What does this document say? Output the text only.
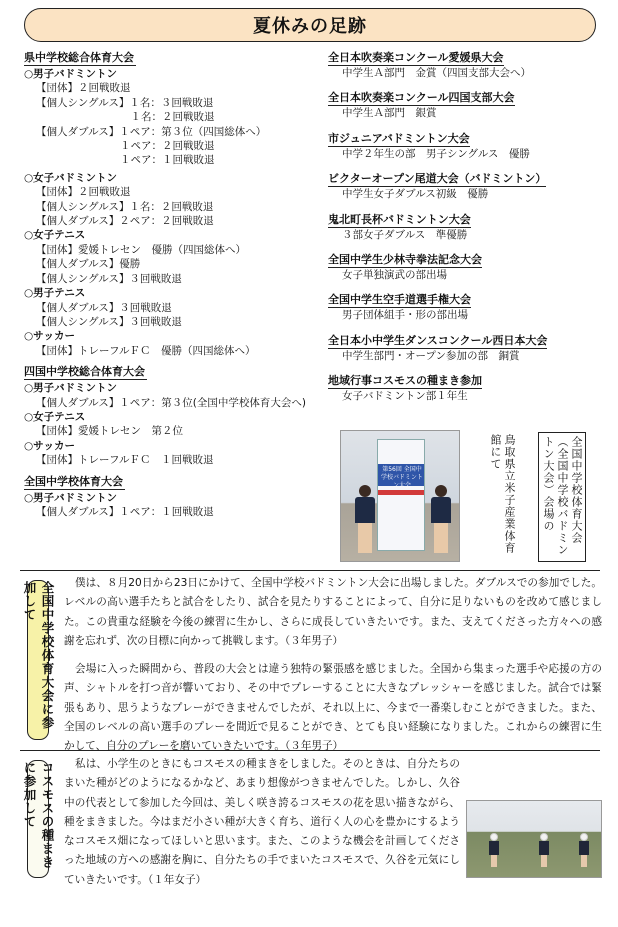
夏休みの足跡
県中学校総合体育大会
○男子バドミントン
【団体】２回戦敗退
【個人シングルス】１名：３回戦敗退
　　　　　　　　　１名：２回戦敗退
【個人ダブルス】１ペア：第３位（四国総体へ）
　　　　　　　　１ペア：２回戦敗退
　　　　　　　　１ペア：１回戦敗退
○女子バドミントン
【団体】２回戦敗退
【個人シングルス】１名：２回戦敗退
【個人ダブルス】２ペア：２回戦敗退
○女子テニス
【団体】愛媛トレセン　優勝（四国総体へ）
【個人ダブルス】優勝
【個人シングルス】３回戦敗退
○男子テニス
【個人ダブルス】３回戦敗退
【個人シングルス】３回戦敗退
○サッカー
【団体】トレーフルＦＣ　優勝（四国総体へ）
四国中学校総合体育大会
○男子バドミントン
【個人ダブルス】１ペア：第３位(全国中学校体育大会へ)
○女子テニス
【団体】愛媛トレセン　第２位
○サッカー
【団体】トレーフルＦＣ　１回戦敗退
全国中学校体育大会
○男子バドミントン
【個人ダブルス】１ペア：１回戦敗退
全日本吹奏楽コンクール愛媛県大会
中学生Ａ部門　金賞（四国支部大会へ）
全日本吹奏楽コンクール四国支部大会
中学生Ａ部門　銀賞
市ジュニアバドミントン大会
中学２年生の部　男子シングルス　優勝
ビクターオープン尾道大会（バドミントン）
中学生女子ダブルス初級　優勝
鬼北町長杯バドミントン大会
３部女子ダブルス　準優勝
全国中学生少林寺拳法記念大会
女子単独演武の部出場
全国中学生空手道選手権大会
男子団体組手・形の部出場
全日本小中学生ダンスコンクール西日本大会
中学生部門・オープン参加の部　銅賞
地域行事コスモスの種まき参加
女子バドミントン部１年生
第56回 全国中学校バドミントン大会	全国中学校体育大会（全国中学校バドミントン大会）会場の
鳥取県立米子産業体育館にて
全国中学校体育大会に参加して
コスモスの種まきに参加して
僕は、８月20日から23日にかけて、全国中学校バドミントン大会に出場しました。ダブルスでの参加でした。レベルの高い選手たちと試合をしたり、試合を見たりすることによって、自分に足りないものを改めて感じました。この貴重な経験を今後の練習に生かし、さらに成長していきたいです。また、支えてくださった方々への感謝を忘れず、次の目標に向かって挑戦します。（３年男子）
会場に入った瞬間から、普段の大会とは違う独特の緊張感を感じました。全国から集まった選手や応援の方の声、シャトルを打つ音が響いており、その中でプレーすることに大きなプレッシャーを感じました。試合では緊張もあり、思うようなプレーができませんでしたが、それ以上に、今まで一番楽しむことができました。また、全国のレベルの高い選手のプレーを間近で見ることができ、とても良い経験になりました。これからの練習に生かして、自分のプレーを磨いていきたいです。（３年男子）
私は、小学生のときにもコスモスの種まきをしました。そのときは、自分たちのまいた種がどのようになるかなど、あまり想像がつきませんでした。しかし、久谷中の代表として参加した今回は、美しく咲き誇るコスモスの花を思い描きながら、種をまきました。今はまだ小さい種が大きく育ち、道行く人の心を豊かにするようなコスモス畑になってほしいと思います。また、このような機会を計画してくださった地域の方への感謝を胸に、自分たちの手でまいたコスモスで、久谷を元気にしていきたいです。（１年女子）
